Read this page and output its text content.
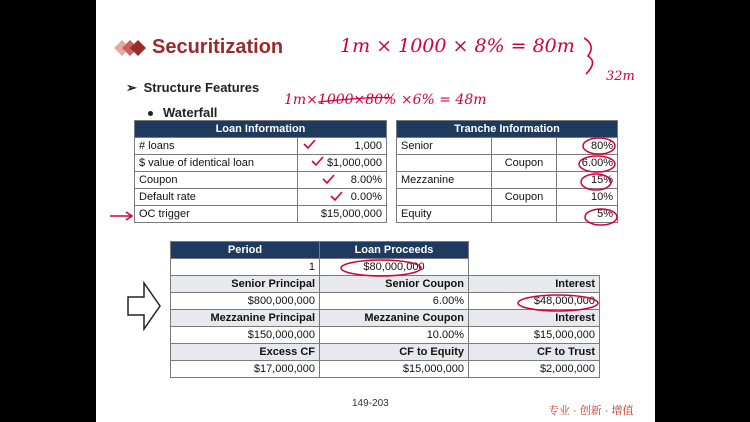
Securitization
➢ Structure Features
Waterfall
Loan Information	
# loans	1,000
$ value of identical loan	$1,000,000
Coupon	8.00%
Default rate	0.00%
OC trigger	$15,000,000
Tranche Information		
Senior		80%
	Coupon	6.00%
Mezzanine		15%
	Coupon	10%
Equity		5%
Period	Loan Proceeds	
1	$80,000,000	
Senior Principal	Senior Coupon	Interest
$800,000,000	6.00%	$48,000,000
Mezzanine Principal	Mezzanine Coupon	Interest
$150,000,000	10.00%	$15,000,000
Excess CF	CF to Equity	CF to Trust
$17,000,000	$15,000,000	$2,000,000
149-203
专业 · 创新 · 增值
1m × 1000 × 8% = 80m
1m×1000×80% ×6% = 48m
32m
